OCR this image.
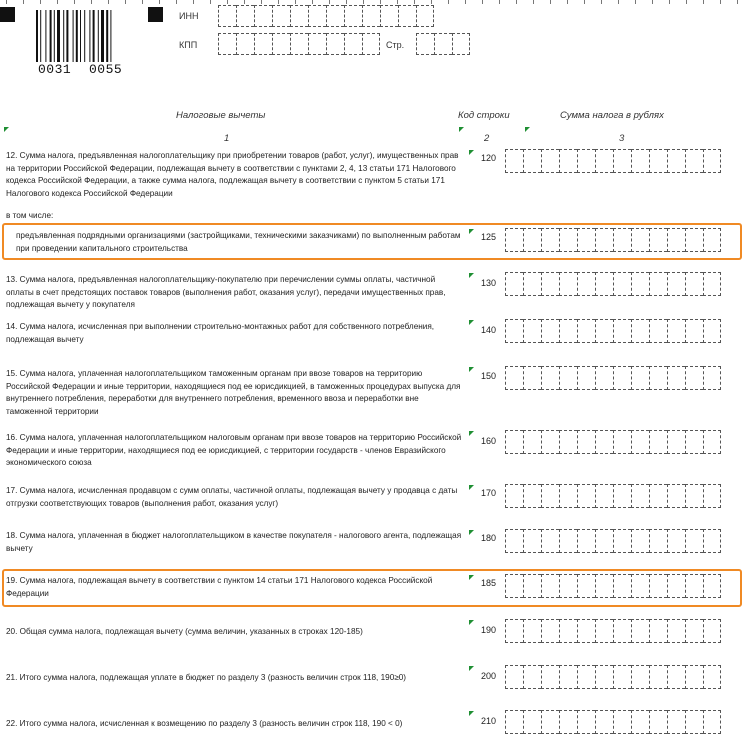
0031 0055
ИНН
КПП	Стр.
Налоговые вычеты	Код строки	Сумма налога в рублях
1	2	3
в том числе:
12. Сумма налога, предъявленная налогоплательщику при приобретении товаров (работ, услуг), имущественных прав на территории Российской Федерации, подлежащая вычету в соответствии с пунктами 2, 4, 13 статьи 171 Налогового кодекса Российской Федерации, а также сумма налога, подлежащая вычету в соответствии с пунктом 5 статьи 171 Налогового кодекса Российской Федерации
120
предъявленная подрядными организациями (застройщиками, техническими заказчиками) по выполненным работам при проведении капитального строительства
125
13. Сумма налога, предъявленная налогоплательщику-покупателю при перечислении суммы оплаты, частичной оплаты в счет предстоящих поставок товаров (выполнения работ, оказания услуг), передачи имущественных прав, подлежащая вычету у покупателя
130
14. Сумма налога, исчисленная при выполнении строительно-монтажных работ для собственного потребления, подлежащая вычету
140
15. Сумма налога, уплаченная налогоплательщиком таможенным органам при ввозе товаров на территорию Российской Федерации и иные территории, находящиеся под ее юрисдикцией, в таможенных процедурах выпуска для внутреннего потребления, переработки для внутреннего потребления, временного ввоза и переработки вне таможенной территории
150
16. Сумма налога, уплаченная налогоплательщиком налоговым органам при ввозе товаров на территорию Российской Федерации и иные территории, находящиеся под ее юрисдикцией, с территории государств - членов Евразийского экономического союза
160
17. Сумма налога, исчисленная продавцом с сумм оплаты, частичной оплаты, подлежащая вычету у продавца с даты отгрузки соответствующих товаров (выполнения работ, оказания услуг)
170
18. Сумма налога, уплаченная в бюджет налогоплательщиком в качестве покупателя - налогового агента, подлежащая вычету
180
19. Сумма налога, подлежащая вычету в соответствии с пунктом 14 статьи 171 Налогового кодекса Российской Федерации
185
20. Общая сумма налога, подлежащая вычету (сумма величин, указанных в строках 120-185)	190
21. Итого сумма налога, подлежащая уплате в бюджет по разделу 3 (разность величин строк 118, 190≥0)	200
22. Итого сумма налога, исчисленная к возмещению по разделу 3 (разность величин строк 118, 190 < 0)	210
